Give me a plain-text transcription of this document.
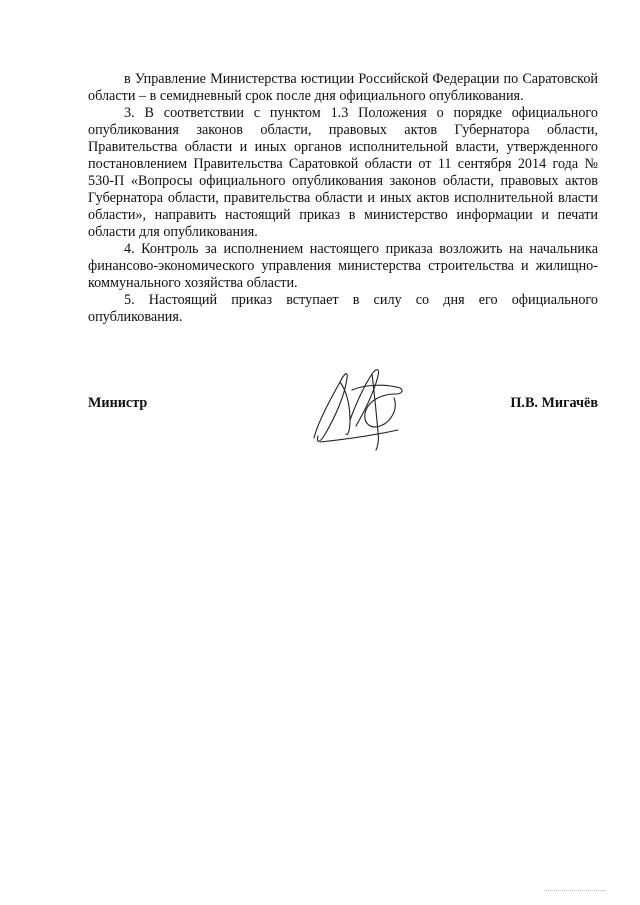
в Управление Министерства юстиции Российской Федерации по Саратовской области – в семидневный срок после дня официального опубликования.

3. В соответствии с пунктом 1.3 Положения о порядке официального опубликования законов области, правовых актов Губернатора области, Правительства области и иных органов исполнительной власти, утвержденного постановлением Правительства Саратовкой области от 11 сентября 2014 года № 530-П «Вопросы официального опубликования законов области, правовых актов Губернатора области, правительства области и иных актов исполнительной власти области», направить настоящий приказ в министерство информации и печати области для опубликования.

4. Контроль за исполнением настоящего приказа возложить на начальника финансово-экономического управления министерства строительства и жилищно-коммунального хозяйства области.

5. Настоящий приказ вступает в силу со дня его официального опубликования.

Министр	П.В. Мигачёв
